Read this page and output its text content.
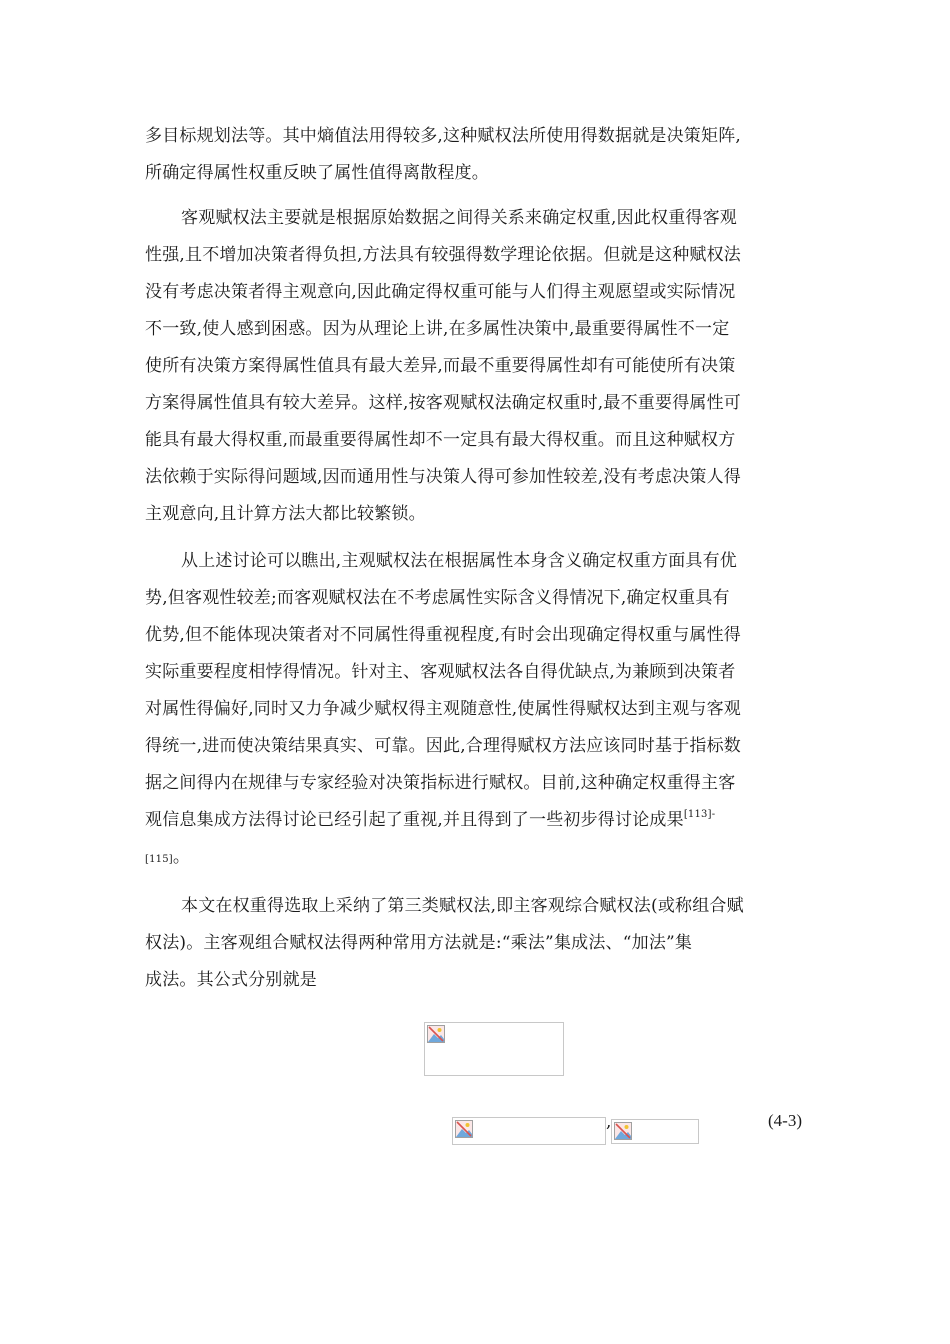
多目标规划法等。其中熵值法用得较多,这种赋权法所使用得数据就是决策矩阵,
所确定得属性权重反映了属性值得离散程度。
客观赋权法主要就是根据原始数据之间得关系来确定权重,因此权重得客观
性强,且不增加决策者得负担,方法具有较强得数学理论依据。但就是这种赋权法
没有考虑决策者得主观意向,因此确定得权重可能与人们得主观愿望或实际情况
不一致,使人感到困惑。因为从理论上讲,在多属性决策中,最重要得属性不一定
使所有决策方案得属性值具有最大差异,而最不重要得属性却有可能使所有决策
方案得属性值具有较大差异。这样,按客观赋权法确定权重时,最不重要得属性可
能具有最大得权重,而最重要得属性却不一定具有最大得权重。而且这种赋权方
法依赖于实际得问题域,因而通用性与决策人得可参加性较差,没有考虑决策人得
主观意向,且计算方法大都比较繁锁。
从上述讨论可以瞧出,主观赋权法在根据属性本身含义确定权重方面具有优
势,但客观性较差;而客观赋权法在不考虑属性实际含义得情况下,确定权重具有
优势,但不能体现决策者对不同属性得重视程度,有时会出现确定得权重与属性得
实际重要程度相悖得情况。针对主、客观赋权法各自得优缺点,为兼顾到决策者
对属性得偏好,同时又力争减少赋权得主观随意性,使属性得赋权达到主观与客观
得统一,进而使决策结果真实、可靠。因此,合理得赋权方法应该同时基于指标数
据之间得内在规律与专家经验对决策指标进行赋权。目前,这种确定权重得主客
观信息集成方法得讨论已经引起了重视,并且得到了一些初步得讨论成果$^{[113]-}$
[115]。
本文在权重得选取上采纳了第三类赋权法,即主客观综合赋权法(或称组合赋
权法)。主客观组合赋权法得两种常用方法就是:“乘法”集成法、“加法”集
成法。其公式分别就是
,	(4-3)
